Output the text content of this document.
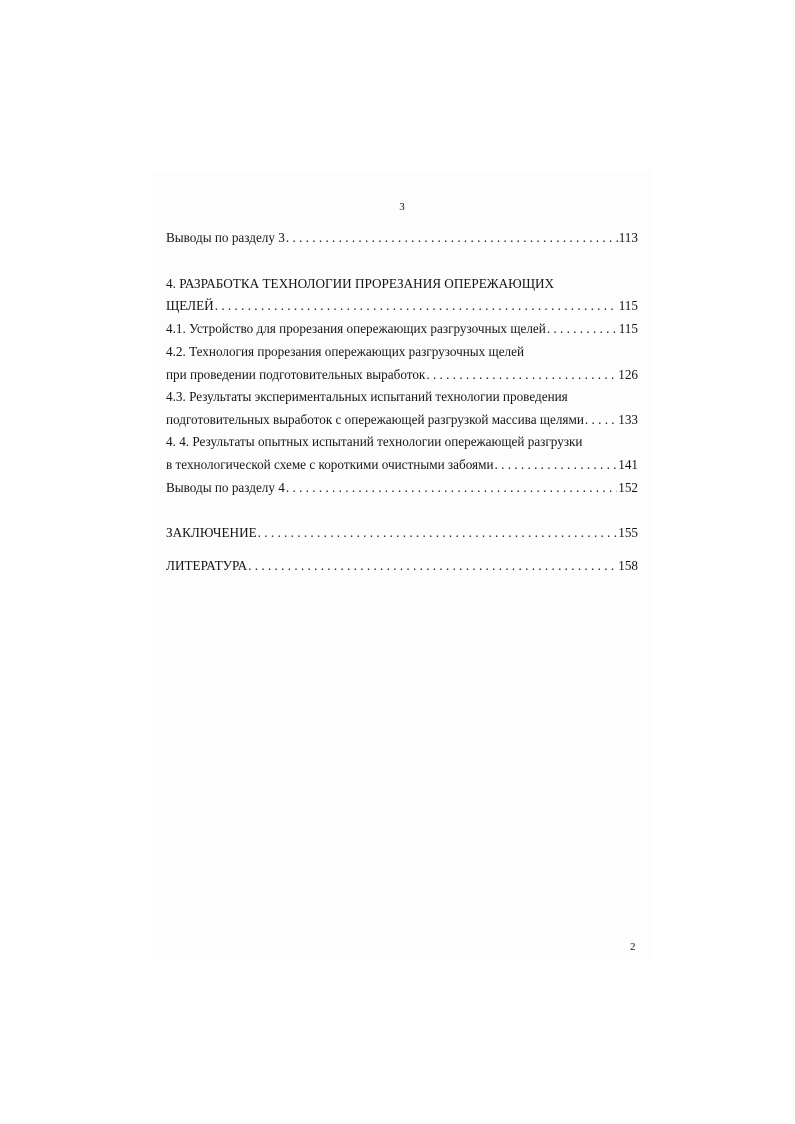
3
Выводы по разделу 3 . . .	113
4. РАЗРАБОТКА ТЕХНОЛОГИИ ПРОРЕЗАНИЯ ОПЕРЕЖАЮЩИХ
ЩЕЛЕЙ . . .	115
4.1. Устройство для прорезания опережающих разгрузочных щелей . . .	115
4.2. Технология прорезания опережающих разгрузочных щелей
при проведении подготовительных выработок . . .	126
4.3. Результаты экспериментальных испытаний технологии проведения
подготовительных выработок с опережающей разгрузкой массива щелями . . .	133
4. 4. Результаты опытных испытаний технологии опережающей разгрузки
в технологической схеме с короткими очистными забоями . . .	141
Выводы по разделу 4 . . .	152
ЗАКЛЮЧЕНИЕ . . .	155
ЛИТЕРАТУРА . . .	158
2
